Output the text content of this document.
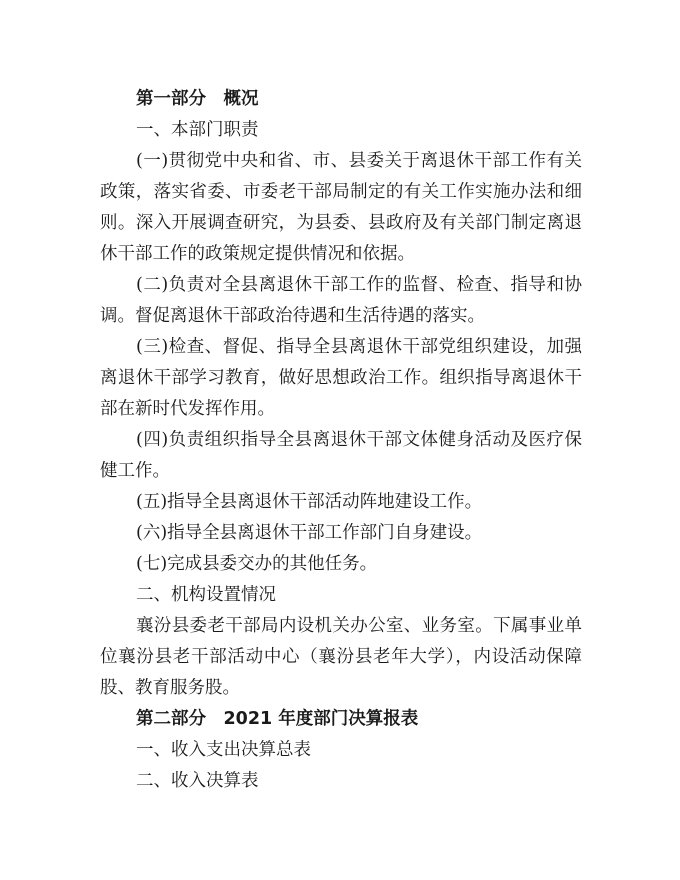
第一部分　概况

一、本部门职责

(一)贯彻党中央和省、市、县委关于离退休干部工作有关政策，落实省委、市委老干部局制定的有关工作实施办法和细则。深入开展调查研究，为县委、县政府及有关部门制定离退休干部工作的政策规定提供情况和依据。

(二)负责对全县离退休干部工作的监督、检查、指导和协调。督促离退休干部政治待遇和生活待遇的落实。

(三)检查、督促、指导全县离退休干部党组织建设，加强离退休干部学习教育，做好思想政治工作。组织指导离退休干部在新时代发挥作用。

(四)负责组织指导全县离退休干部文体健身活动及医疗保健工作。

(五)指导全县离退休干部活动阵地建设工作。

(六)指导全县离退休干部工作部门自身建设。

(七)完成县委交办的其他任务。

二、机构设置情况

襄汾县委老干部局内设机关办公室、业务室。下属事业单位襄汾县老干部活动中心（襄汾县老年大学），内设活动保障股、教育服务股。

第二部分　2021 年度部门决算报表

一、收入支出决算总表

二、收入决算表
